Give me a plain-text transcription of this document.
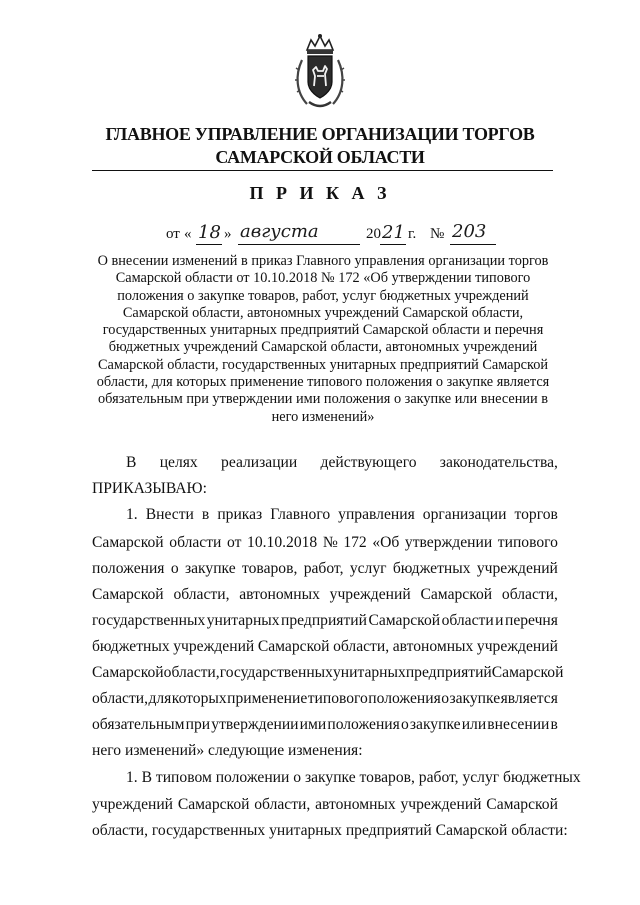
ГЛАВНОЕ УПРАВЛЕНИЕ ОРГАНИЗАЦИИ ТОРГОВ
САМАРСКОЙ ОБЛАСТИ
П Р И К А З
от « 18 » августа	20 21 г. № 203

О внесении изменений в приказ Главного управления организации торгов

Самарской области от 10.10.2018 № 172 «Об утверждении типового

положения о закупке товаров, работ, услуг бюджетных учреждений

Самарской области, автономных учреждений Самарской области,

государственных унитарных предприятий Самарской области и перечня

бюджетных учреждений Самарской области, автономных учреждений

Самарской области, государственных унитарных предприятий Самарской

области, для которых применение типового положения о закупке является

обязательным при утверждении ими положения о закупке или внесении в

него изменений»

В целях реализации действующего законодательства,
ПРИКАЗЫВАЮ:
1. Внести в приказ Главного управления организации торгов
Самарской области от 10.10.2018 № 172 «Об утверждении типового
положения о закупке товаров, работ, услуг бюджетных учреждений
Самарской области, автономных учреждений Самарской области,
государственных унитарных предприятий Самарской области и перечня
бюджетных учреждений Самарской области, автономных учреждений
Самарской области, государственных унитарных предприятий Самарской
области, для которых применение типового положения о закупке является
обязательным при утверждении ими положения о закупке или внесении в
него изменений» следующие изменения:
1. В типовом положении о закупке товаров, работ, услуг бюджетных
учреждений Самарской области, автономных учреждений Самарской
области, государственных унитарных предприятий Самарской области:
